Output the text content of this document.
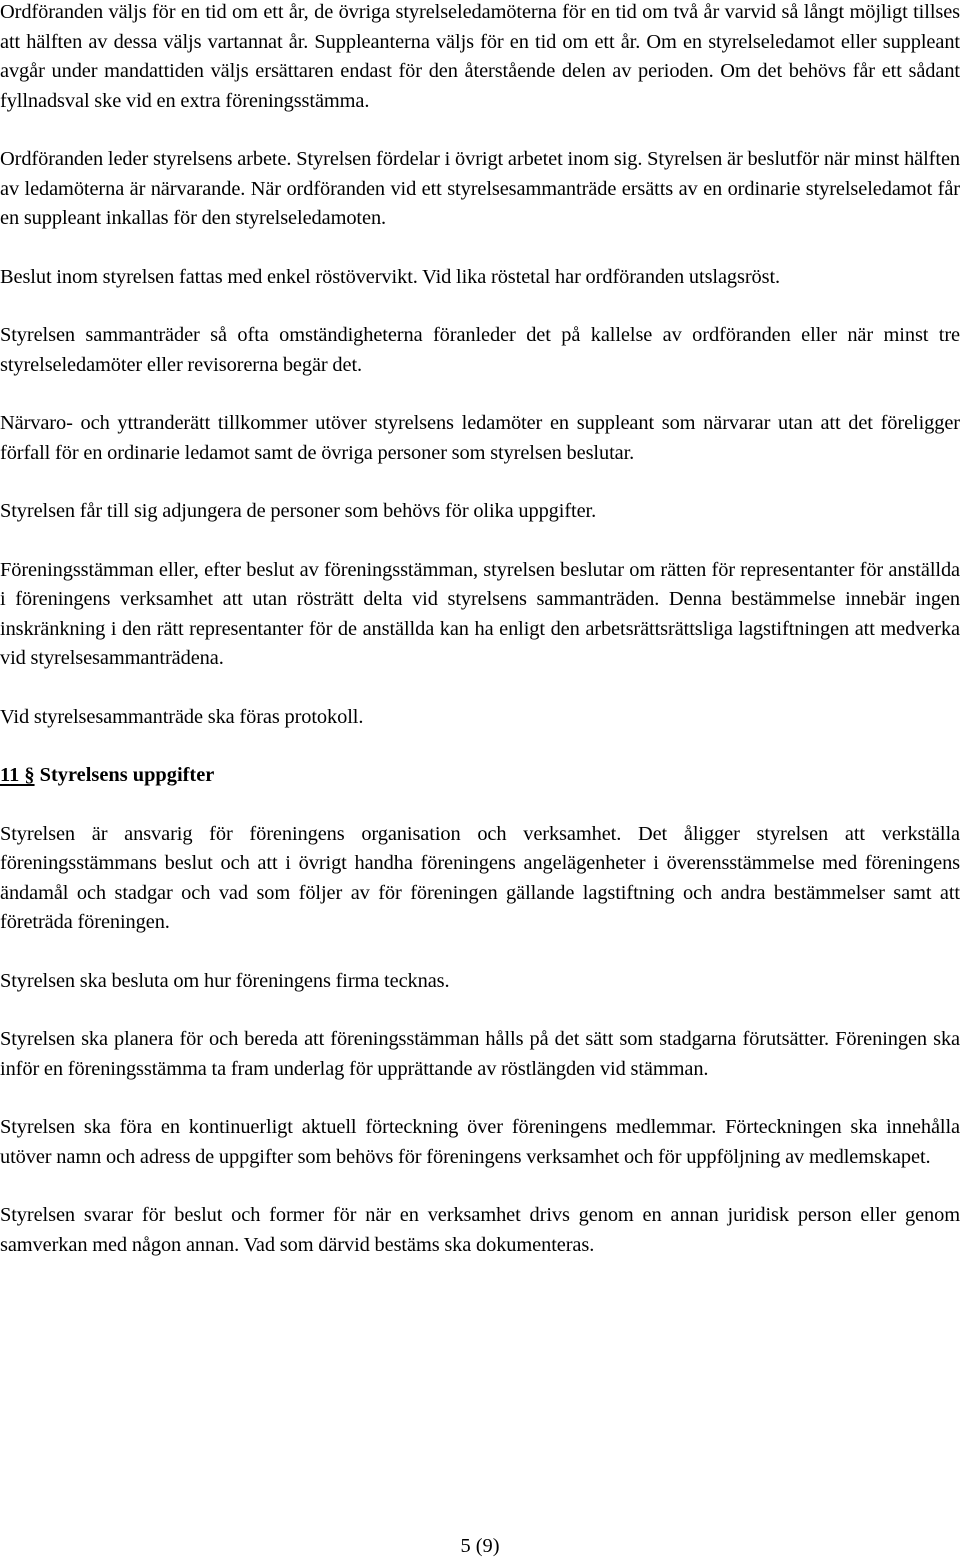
Ordföranden väljs för en tid om ett år, de övriga styrelseledamöterna för en tid om två år varvid så långt möjligt tillses att hälften av dessa väljs vartannat år. Suppleanterna väljs för en tid om ett år. Om en styrelseledamot eller suppleant avgår under mandattiden väljs ersättaren endast för den återstående delen av perioden. Om det behövs får ett sådant fyllnadsval ske vid en extra föreningsstämma.

Ordföranden leder styrelsens arbete. Styrelsen fördelar i övrigt arbetet inom sig. Styrelsen är beslutför när minst hälften av ledamöterna är närvarande. När ordföranden vid ett styrelsesammanträde ersätts av en ordinarie styrelseledamot får en suppleant inkallas för den styrelseledamoten.

Beslut inom styrelsen fattas med enkel röstövervikt. Vid lika röstetal har ordföranden utslagsröst.

Styrelsen sammanträder så ofta omständigheterna föranleder det på kallelse av ordföranden eller när minst tre styrelseledamöter eller revisorerna begär det.

Närvaro- och yttranderätt tillkommer utöver styrelsens ledamöter en suppleant som närvarar utan att det föreligger förfall för en ordinarie ledamot samt de övriga personer som styrelsen beslutar.

Styrelsen får till sig adjungera de personer som behövs för olika uppgifter.

Föreningsstämman eller, efter beslut av föreningsstämman, styrelsen beslutar om rätten för representanter för anställda i föreningens verksamhet att utan rösträtt delta vid styrelsens sammanträden. Denna bestämmelse innebär ingen inskränkning i den rätt representanter för de anställda kan ha enligt den arbetsrättsrättsliga lagstiftningen att medverka vid styrelsesammanträdena.

Vid styrelsesammanträde ska föras protokoll.

11 § Styrelsens uppgifter

Styrelsen är ansvarig för föreningens organisation och verksamhet. Det åligger styrelsen att verkställa föreningsstämmans beslut och att i övrigt handha föreningens angelägenheter i överensstämmelse med föreningens ändamål och stadgar och vad som följer av för föreningen gällande lagstiftning och andra bestämmelser samt att företräda föreningen.

Styrelsen ska besluta om hur föreningens firma tecknas.

Styrelsen ska planera för och bereda att föreningsstämman hålls på det sätt som stadgarna förutsätter. Föreningen ska inför en föreningsstämma ta fram underlag för upprättande av röstlängden vid stämman.

Styrelsen ska föra en kontinuerligt aktuell förteckning över föreningens medlemmar. Förteckningen ska innehålla utöver namn och adress de uppgifter som behövs för föreningens verksamhet och för uppföljning av medlemskapet.

Styrelsen svarar för beslut och former för när en verksamhet drivs genom en annan juridisk person eller genom samverkan med någon annan. Vad som därvid bestäms ska dokumenteras.

5 (9)
